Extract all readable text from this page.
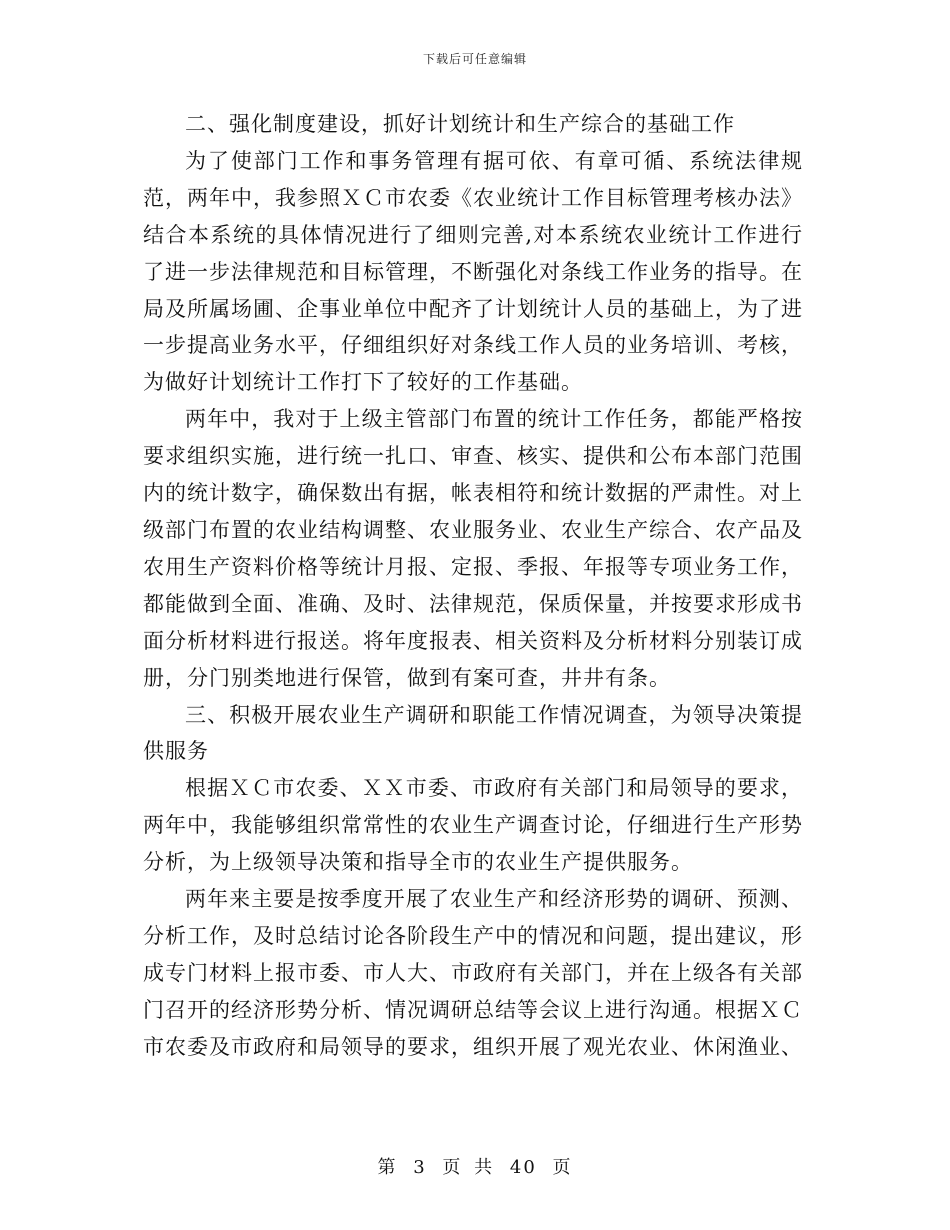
下载后可任意编辑

二、强化制度建设，抓好计划统计和生产综合的基础工作

为了使部门工作和事务管理有据可依、有章可循、系统法律规范，两年中，我参照ＸＣ市农委《农业统计工作目标管理考核办法》结合本系统的具体情况进行了细则完善,对本系统农业统计工作进行了进一步法律规范和目标管理，不断强化对条线工作业务的指导。在局及所属场圃、企事业单位中配齐了计划统计人员的基础上，为了进一步提高业务水平，仔细组织好对条线工作人员的业务培训、考核，为做好计划统计工作打下了较好的工作基础。

两年中，我对于上级主管部门布置的统计工作任务，都能严格按要求组织实施，进行统一扎口、审查、核实、提供和公布本部门范围内的统计数字，确保数出有据，帐表相符和统计数据的严肃性。对上级部门布置的农业结构调整、农业服务业、农业生产综合、农产品及农用生产资料价格等统计月报、定报、季报、年报等专项业务工作，都能做到全面、准确、及时、法律规范，保质保量，并按要求形成书面分析材料进行报送。将年度报表、相关资料及分析材料分别装订成册，分门别类地进行保管，做到有案可查，井井有条。

三、积极开展农业生产调研和职能工作情况调查，为领导决策提供服务

根据ＸＣ市农委、ＸＸ市委、市政府有关部门和局领导的要求，两年中，我能够组织常常性的农业生产调查讨论，仔细进行生产形势分析，为上级领导决策和指导全市的农业生产提供服务。

两年来主要是按季度开展了农业生产和经济形势的调研、预测、分析工作，及时总结讨论各阶段生产中的情况和问题，提出建议，形成专门材料上报市委、市人大、市政府有关部门，并在上级各有关部门召开的经济形势分析、情况调研总结等会议上进行沟通。根据ＸＣ市农委及市政府和局领导的要求，组织开展了观光农业、休闲渔业、

第 3 页 共 40 页
